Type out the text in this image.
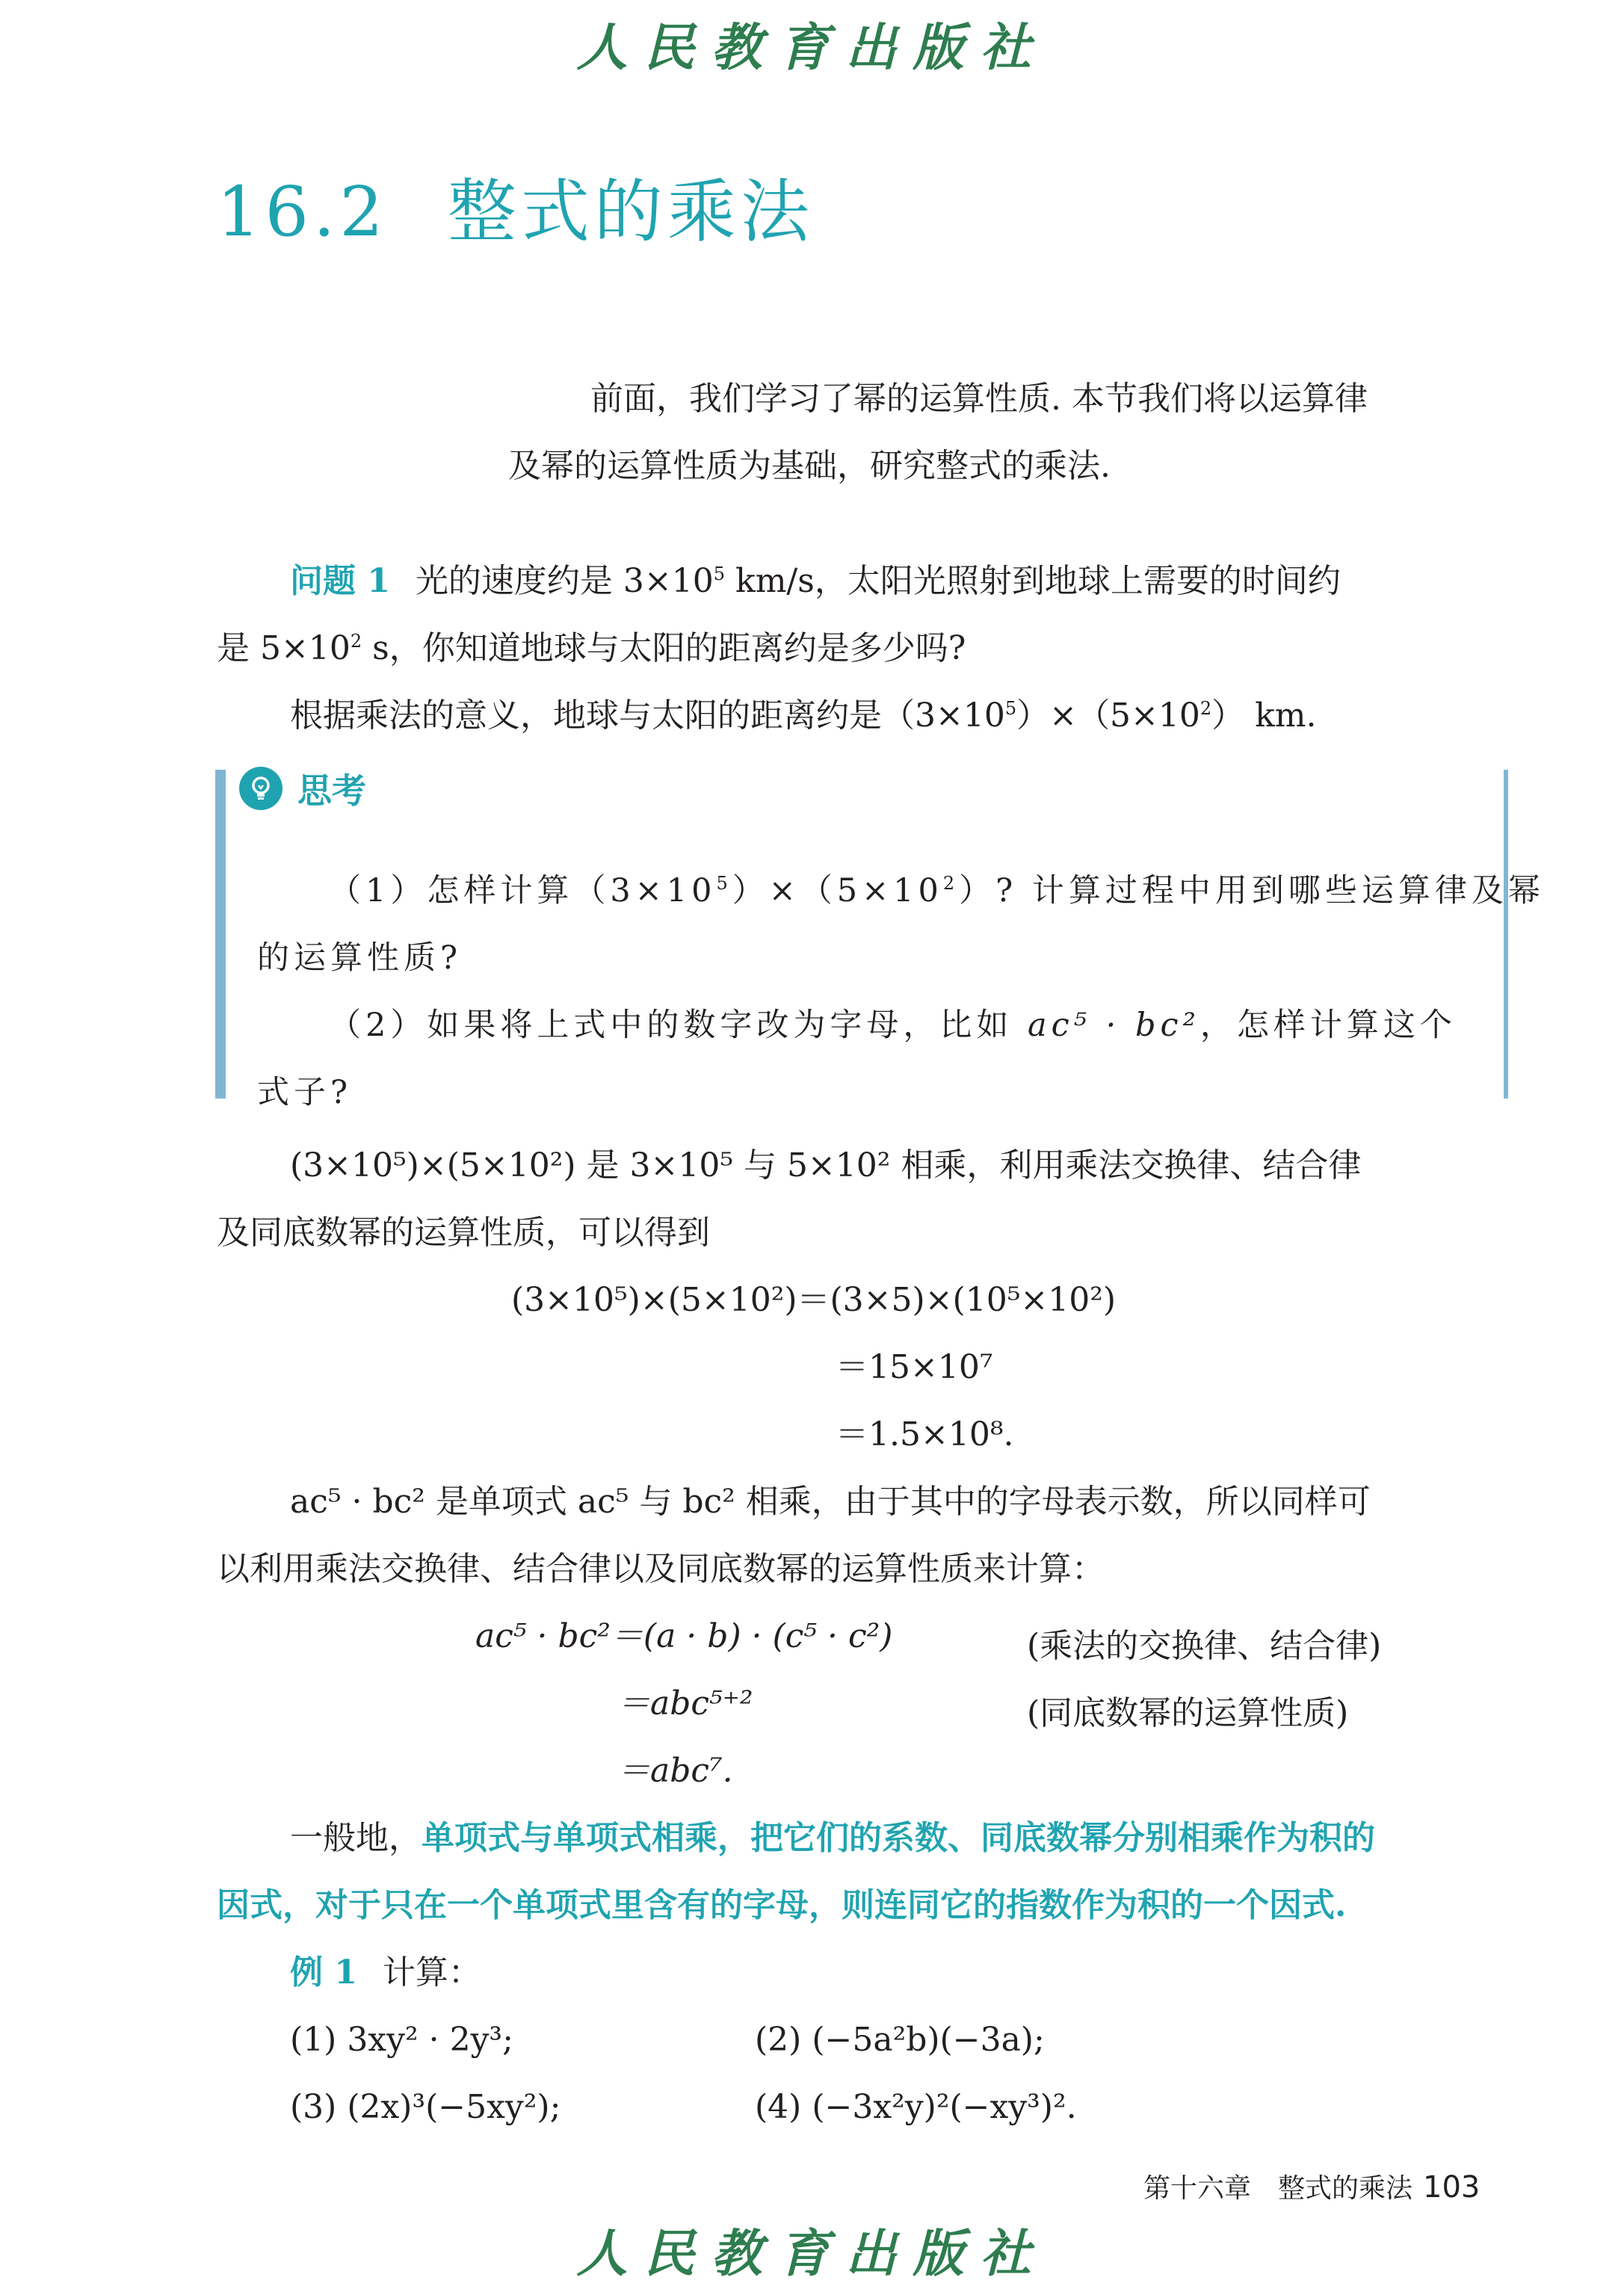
人民教育出版社
16.2 整式的乘法
前面，我们学习了幂的运算性质. 本节我们将以运算律
及幂的运算性质为基础，研究整式的乘法.
问题 1 光的速度约是 $3\times 10^5$ km/s，太阳光照射到地球上需要的时间约
是 $5\times 10^2$ s，你知道地球与太阳的距离约是多少吗?
根据乘法的意义，地球与太阳的距离约是$(3\times 10^5)\times(5\times 10^2)$ km.
思考
（1）怎样计算$(3\times 10^5)\times(5\times 10^2)$? 计算过程中用到哪些运算律及幂
的运算性质?
（2）如果将上式中的数字改为字母，比如 ac⁵ · bc²，怎样计算这个
式子?
(3×10⁵)×(5×10²) 是 3×10⁵ 与 5×10² 相乘，利用乘法交换律、结合律
及同底数幂的运算性质，可以得到
(3×10⁵)×(5×10²)＝(3×5)×(10⁵×10²)
＝15×10⁷
＝1.5×10⁸.
ac⁵ · bc² 是单项式 ac⁵ 与 bc² 相乘，由于其中的字母表示数，所以同样可
以利用乘法交换律、结合律以及同底数幂的运算性质来计算：
ac⁵ · bc²＝(a · b) · (c⁵ · c²)	(乘法的交换律、结合律)
＝abc⁵⁺²	(同底数幂的运算性质)
＝abc⁷.
一般地，单项式与单项式相乘，把它们的系数、同底数幂分别相乘作为积的
因式，对于只在一个单项式里含有的字母，则连同它的指数作为积的一个因式.
例 1 计算：
(1) 3xy² · 2y³;	(2) (−5a²b)(−3a);
(3) (2x)³(−5xy²);	(4) (−3x²y)²(−xy³)².
第十六章　整式的乘法 103
人民教育出版社
